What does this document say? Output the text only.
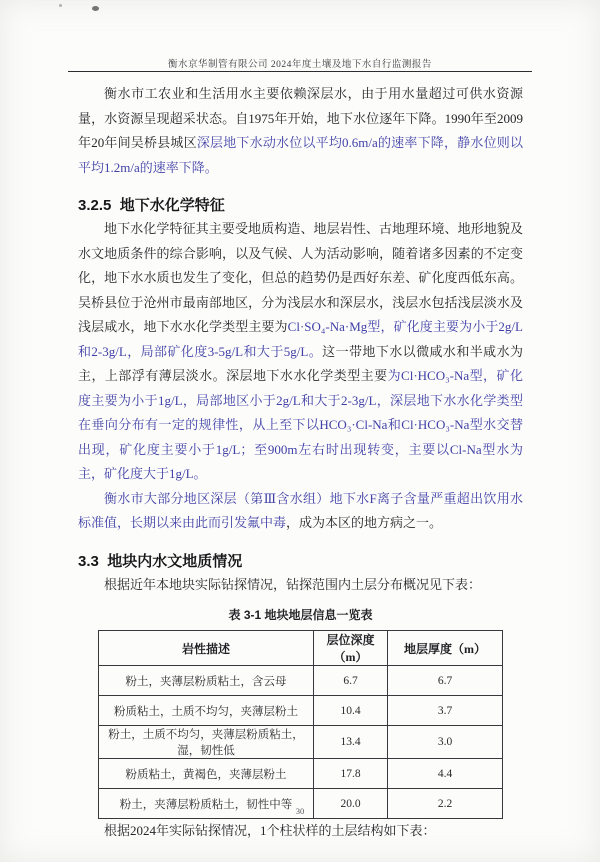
衡水京华制管有限公司 2024年度土壤及地下水自行监测报告

衡水市工农业和生活用水主要依赖深层水，由于用水量超过可供水资源量，水资源呈现超采状态。自1975年开始，地下水位逐年下降。1990年至2009年20年间吴桥县城区深层地下水动水位以平均0.6m/a的速率下降，静水位则以平均1.2m/a的速率下降。

3.2.5 地下水化学特征

地下水化学特征其主要受地质构造、地层岩性、古地理环境、地形地貌及水文地质条件的综合影响，以及气候、人为活动影响，随着诸多因素的不定变化，地下水水质也发生了变化，但总的趋势仍是西好东差、矿化度西低东高。吴桥县位于沧州市最南部地区，分为浅层水和深层水，浅层水包括浅层淡水及浅层咸水，地下水水化学类型主要为Cl·SO₄-Na·Mg型，矿化度主要为小于2g/L和2-3g/L，局部矿化度3-5g/L和大于5g/L。这一带地下水以微咸水和半咸水为主，上部浮有薄层淡水。深层地下水水化学类型主要为Cl·HCO₃-Na型，矿化度主要为小于1g/L，局部地区小于2g/L和大于2-3g/L，深层地下水水化学类型在垂向分布有一定的规律性，从上至下以HCO₃·Cl-Na和Cl·HCO₃-Na型水交替出现，矿化度主要小于1g/L；至900m左右时出现转变，主要以Cl-Na型水为主，矿化度大于1g/L。

衡水市大部分地区深层（第Ⅲ含水组）地下水F离子含量严重超出饮用水标准值，长期以来由此而引发氟中毒，成为本区的地方病之一。

3.3 地块内水文地质情况

根据近年本地块实际钻探情况，钻探范围内土层分布概况见下表：

表 3-1 地块地层信息一览表
岩性描述	层位深度（m）	地层厚度（m）
粉土，夹薄层粉质粘土，含云母	6.7	6.7
粉质粘土，土质不均匀，夹薄层粉土	10.4	3.7
粉土，土质不均匀，夹薄层粉质粘土，湿，韧性低	13.4	3.0
粉质粘土，黄褐色，夹薄层粉土	17.8	4.4
粉土，夹薄层粉质粘土，韧性中等	20.0	2.2

根据2024年实际钻探情况，1个柱状样的土层结构如下表：

30
